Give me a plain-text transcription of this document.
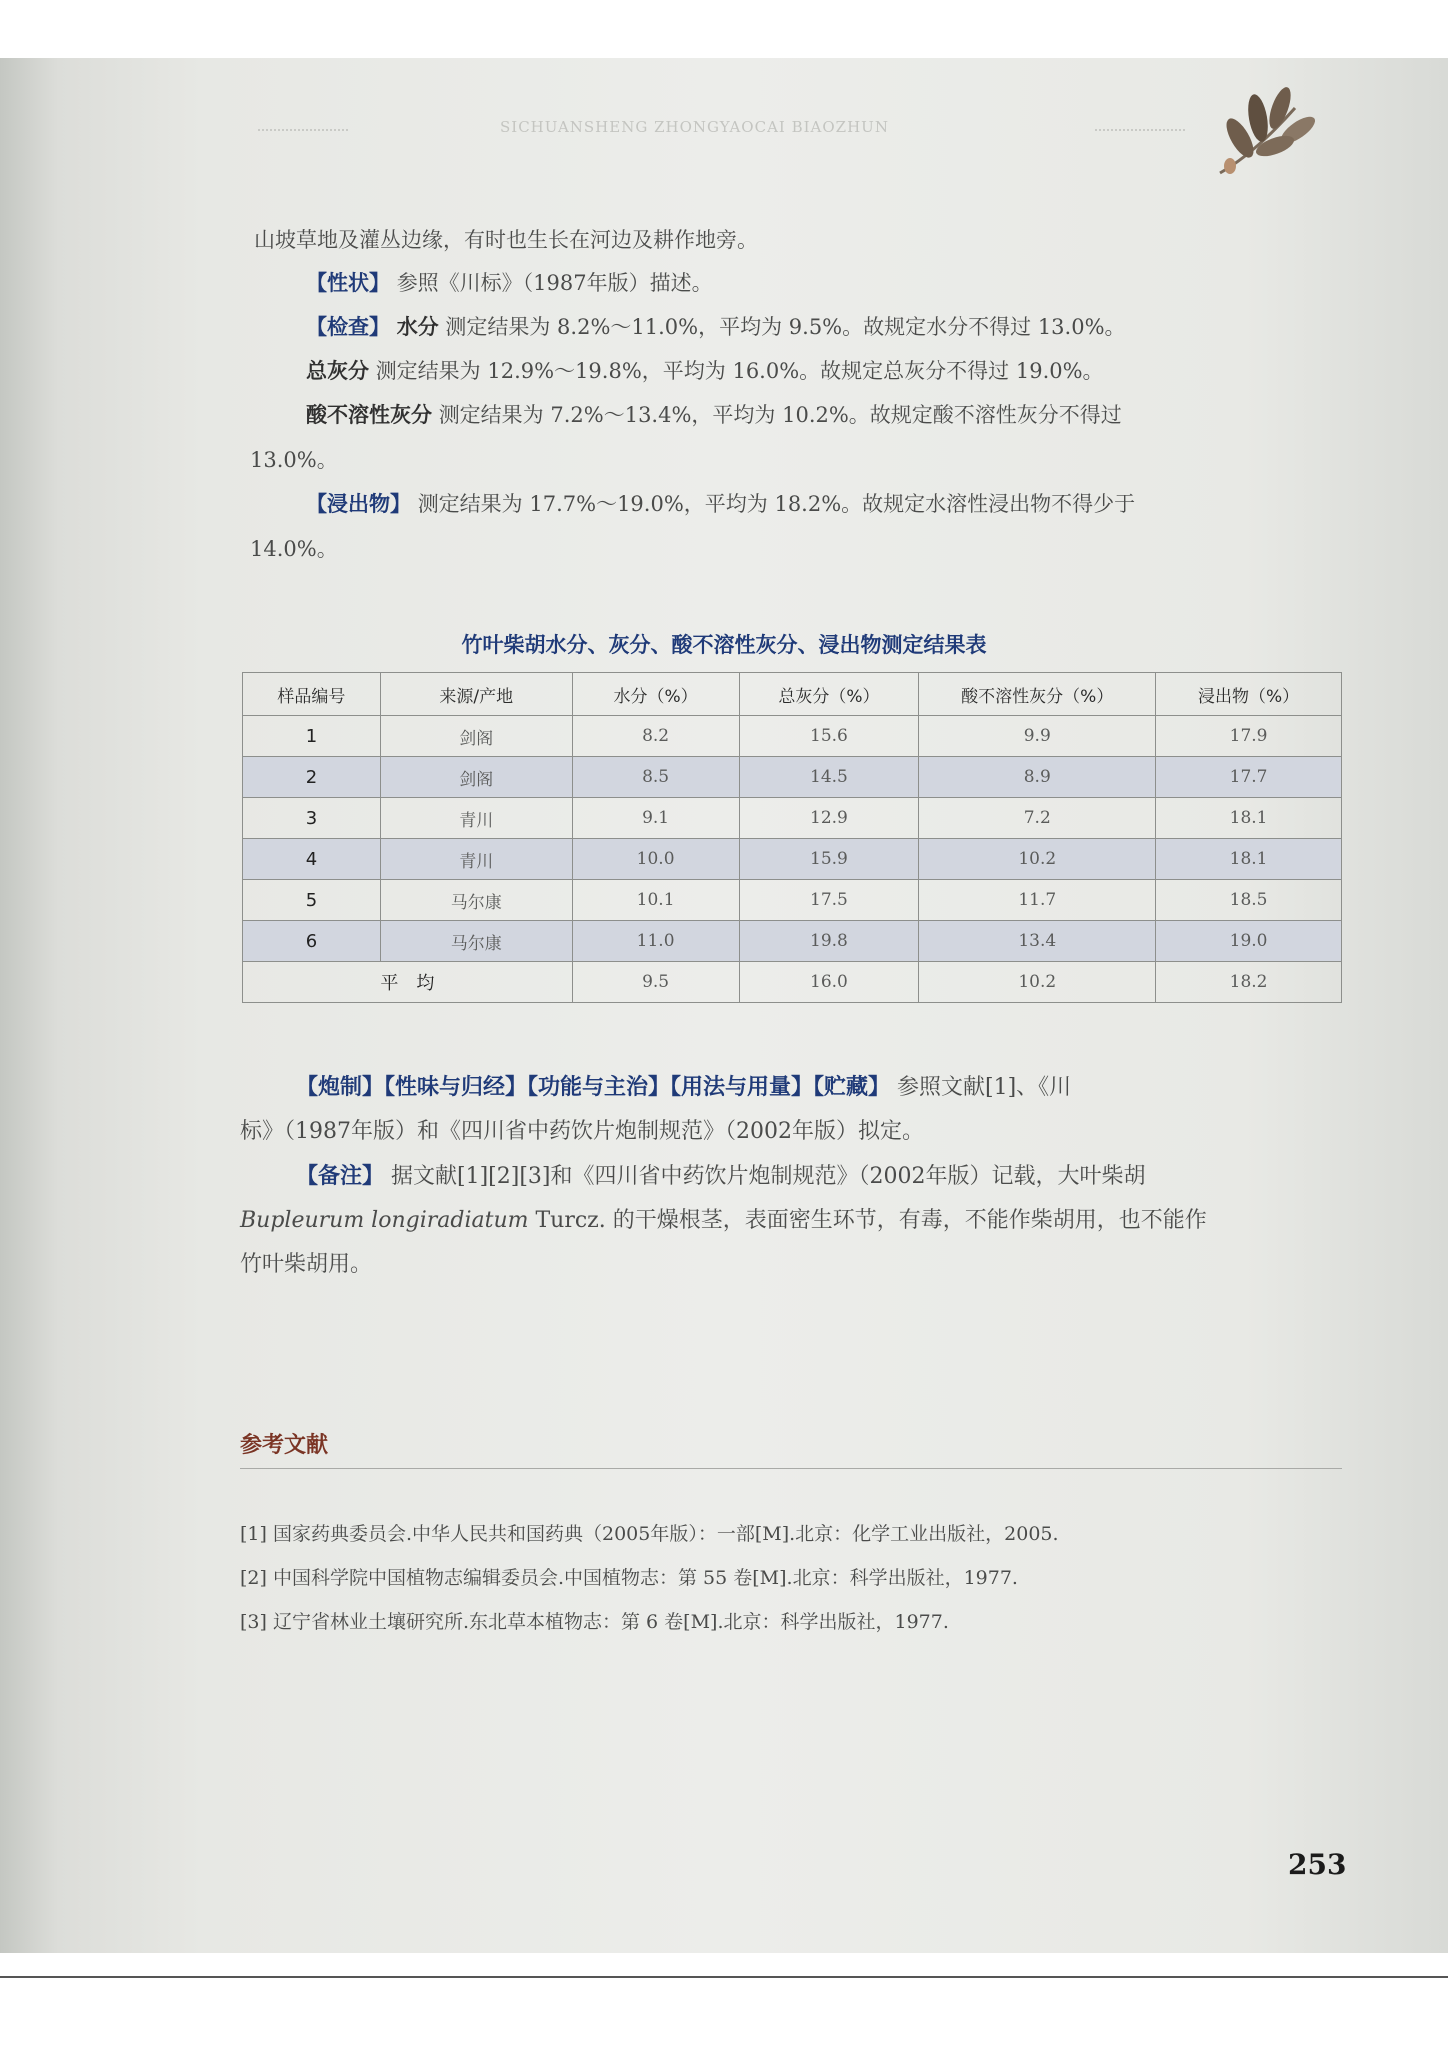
SICHUANSHENG ZHONGYAOCAI BIAOZHUN
山坡草地及灌丛边缘，有时也生长在河边及耕作地旁。
【性状】 参照《川标》（1987年版）描述。
【检查】 水分 测定结果为 8.2%～11.0%，平均为 9.5%。故规定水分不得过 13.0%。
总灰分 测定结果为 12.9%～19.8%，平均为 16.0%。故规定总灰分不得过 19.0%。
酸不溶性灰分 测定结果为 7.2%～13.4%，平均为 10.2%。故规定酸不溶性灰分不得过
13.0%。
【浸出物】 测定结果为 17.7%～19.0%，平均为 18.2%。故规定水溶性浸出物不得少于
14.0%。
竹叶柴胡水分、灰分、酸不溶性灰分、浸出物测定结果表
样品编号	来源/产地	水分（%）	总灰分（%）	酸不溶性灰分（%）	浸出物（%）
1	剑阁	8.2	15.6	9.9	17.9
2	剑阁	8.5	14.5	8.9	17.7
3	青川	9.1	12.9	7.2	18.1
4	青川	10.0	15.9	10.2	18.1
5	马尔康	10.1	17.5	11.7	18.5
6	马尔康	11.0	19.8	13.4	19.0
平　均		9.5	16.0	10.2	18.2
【炮制】【性味与归经】【功能与主治】【用法与用量】【贮藏】 参照文献[1]、《川
标》（1987年版）和《四川省中药饮片炮制规范》（2002年版）拟定。
【备注】 据文献[1][2][3]和《四川省中药饮片炮制规范》（2002年版）记载，大叶柴胡
Bupleurum longiradiatum Turcz. 的干燥根茎，表面密生环节，有毒，不能作柴胡用，也不能作
竹叶柴胡用。
参考文献
[1] 国家药典委员会.中华人民共和国药典（2005年版）：一部[M].北京：化学工业出版社，2005.
[2] 中国科学院中国植物志编辑委员会.中国植物志：第 55 卷[M].北京：科学出版社，1977.
[3] 辽宁省林业土壤研究所.东北草本植物志：第 6 卷[M].北京：科学出版社，1977.
253
